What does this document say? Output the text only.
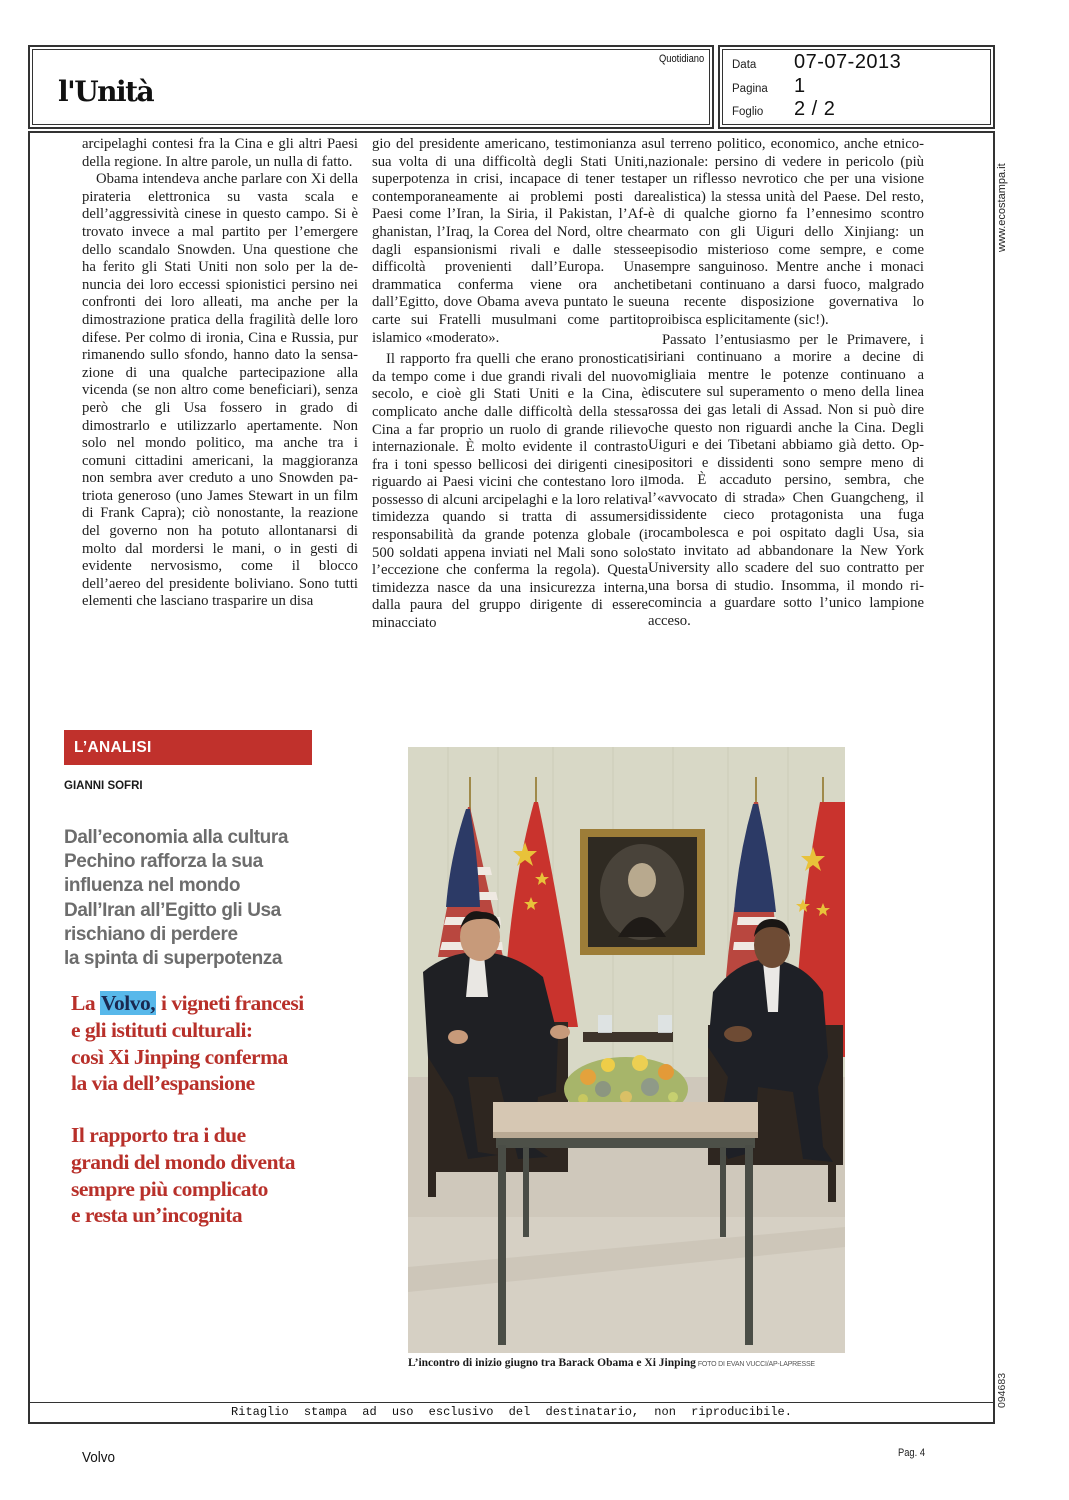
l'Unità
Quotidiano Data	07-07-2013
Pagina	1
Foglio	2 / 2
Ritaglio stampa ad uso esclusivo del destinatario, non riproducibile.

arcipelaghi contesi fra la Cina e gli altri Paesi della regione. In altre parole, un nulla di fatto.

Obama intendeva anche parlare con Xi della pirateria elettronica su vasta scala e dell’aggressività cinese in questo campo. Si è trovato invece a mal partito per l’emergere dello scandalo Snowden. Una questione che ha ferito gli Stati Uniti non solo per la denuncia dei loro eccessi spionistici persino nei confronti dei loro alleati, ma anche per la dimostrazione pratica della fragilità delle loro difese. Per colmo di ironia, Cina e Russia, pur rimanendo sullo sfondo, hanno dato la sensazione di una qualche partecipazione alla vicenda (se non altro come beneficiari), senza però che gli Usa fossero in grado di dimostrarlo e utilizzarlo apertamente. Non solo nel mondo politico, ma anche tra i comuni cittadini americani, la maggioranza non sembra aver creduto a uno Snowden patriota generoso (uno James Stewart in un film di Frank Capra); ciò nonostante, la reazione del governo non ha potuto allontanarsi di molto dal mordersi le mani, o in gesti di evidente nervosismo, come il blocco dell’aereo del presidente boliviano. Sono tutti elementi che lasciano trasparire un disa

gio del presidente americano, testimonianza a sua volta di una difficoltà degli Stati Uniti, superpotenza in crisi, incapace di tener testa contemporaneamente ai problemi posti da Paesi come l’Iran, la Siria, il Pakistan, l’Afghanistan, l’Iraq, la Corea del Nord, oltre che dagli espansionismi rivali e dalle stesse difficoltà provenienti dall’Europa. Una drammatica conferma viene ora anche dall’Egitto, dove Obama aveva puntato le sue carte sui Fratelli musulmani come partito islamico «moderato».

Il rapporto fra quelli che erano pronosticati da tempo come i due grandi rivali del nuovo secolo, e cioè gli Stati Uniti e la Cina, è complicato anche dalle difficoltà della stessa Cina a far proprio un ruolo di grande rilievo internazionale. È molto evidente il contrasto fra i toni spesso bellicosi dei dirigenti cinesi riguardo ai Paesi vicini che contestano loro il possesso di alcuni arcipelaghi e la loro relativa timidezza quando si tratta di assumersi responsabilità da grande potenza globale (i 500 soldati appena inviati nel Mali sono solo l’eccezione che conferma la regola). Questa timidezza nasce da una insicurezza interna, dalla paura del gruppo dirigente di essere minacciato

sul terreno politico, economico, anche etnico-nazionale: persino di vedere in pericolo (più per un riflesso nevrotico che per una visione realistica) la stessa unità del Paese. Del resto, è di qualche giorno fa l’ennesimo scontro armato con gli Uiguri dello Xinjiang: un episodio misterioso come sempre, e come sempre sanguinoso. Mentre anche i monaci tibetani continuano a darsi fuoco, malgrado una recente disposizione governativa lo proibisca esplicitamente (sic!).

Passato l’entusiasmo per le Primavere, i siriani continuano a morire a decine di migliaia mentre le potenze continuano a discutere sul superamento o meno della linea rossa dei gas letali di Assad. Non si può dire che questo non riguardi anche la Cina. Degli Uiguri e dei Tibetani abbiamo già detto. Oppositori e dissidenti sono sempre meno di moda. È accaduto persino, sembra, che l’«avvocato di strada» Chen Guangcheng, il dissidente cieco protagonista una fuga rocambolesca e poi ospitato dagli Usa, sia stato invitato ad abbandonare la New York University allo scadere del suo contratto per una borsa di studio. Insomma, il mondo ricomincia a guardare sotto l’unico lampione acceso.

L’ANALISI
GIANNI SOFRI
Dall’economia alla cultura
Pechino rafforza la sua
influenza nel mondo
Dall’Iran all’Egitto gli Usa
rischiano di perdere
la spinta di superpotenza
La Volvo, i vigneti francesi
e gli istituti culturali:
così Xi Jinping conferma
la via dell’espansione
Il rapporto tra i due
grandi del mondo diventa
sempre più complicato
e resta un’incognita
L’incontro di inizio giugno tra Barack Obama e Xi Jinping FOTO DI EVAN VUCCI/AP-LAPRESSE
www.ecostampa.it
094683
Volvo	Pag. 4
